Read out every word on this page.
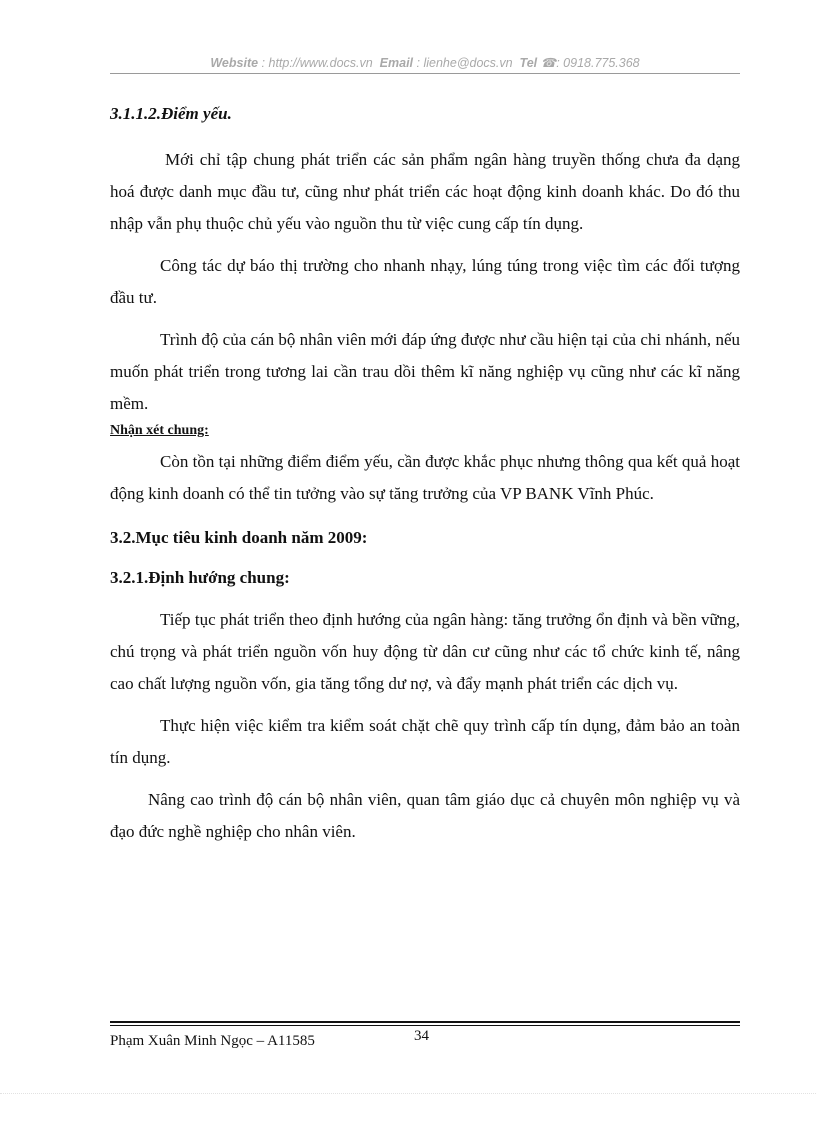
Website : http://www.docs.vn Email : lienhe@docs.vn Tel ☎: 0918.775.368
3.1.1.2.Điểm yếu.

Mới chỉ tập chung phát triển các sản phẩm ngân hàng truyền thống chưa đa dạng hoá được danh mục đầu tư, cũng như phát triển các hoạt động kinh doanh khác. Do đó thu nhập vẫn phụ thuộc chủ yếu vào nguồn thu từ việc cung cấp tín dụng.

Công tác dự báo thị trường cho nhanh nhạy, lúng túng trong việc tìm các đối tượng đầu tư.

Trình độ của cán bộ nhân viên mới đáp ứng được như cầu hiện tại của chi nhánh, nếu muốn phát triển trong tương lai cần trau dồi thêm kĩ năng nghiệp vụ cũng như các kĩ năng mềm.

Nhận xét chung:

Còn tồn tại những điểm điểm yếu, cần được khắc phục nhưng thông qua kết quả hoạt động kinh doanh có thể tin tưởng vào sự tăng trưởng của VP BANK Vĩnh Phúc.

3.2.Mục tiêu kinh doanh năm 2009:
3.2.1.Định hướng chung:

Tiếp tục phát triển theo định hướng của ngân hàng: tăng trưởng ổn định và bền vững, chú trọng và phát triển nguồn vốn huy động từ dân cư cũng như các tổ chức kinh tế, nâng cao chất lượng nguồn vốn, gia tăng tổng dư nợ, và đẩy mạnh phát triển các dịch vụ.

Thực hiện việc kiểm tra kiểm soát chặt chẽ quy trình cấp tín dụng, đảm bảo an toàn tín dụng.

Nâng cao trình độ cán bộ nhân viên, quan tâm giáo dục cả chuyên môn nghiệp vụ và đạo đức nghề nghiệp cho nhân viên.

Phạm Xuân Minh Ngọc – A11585	34
